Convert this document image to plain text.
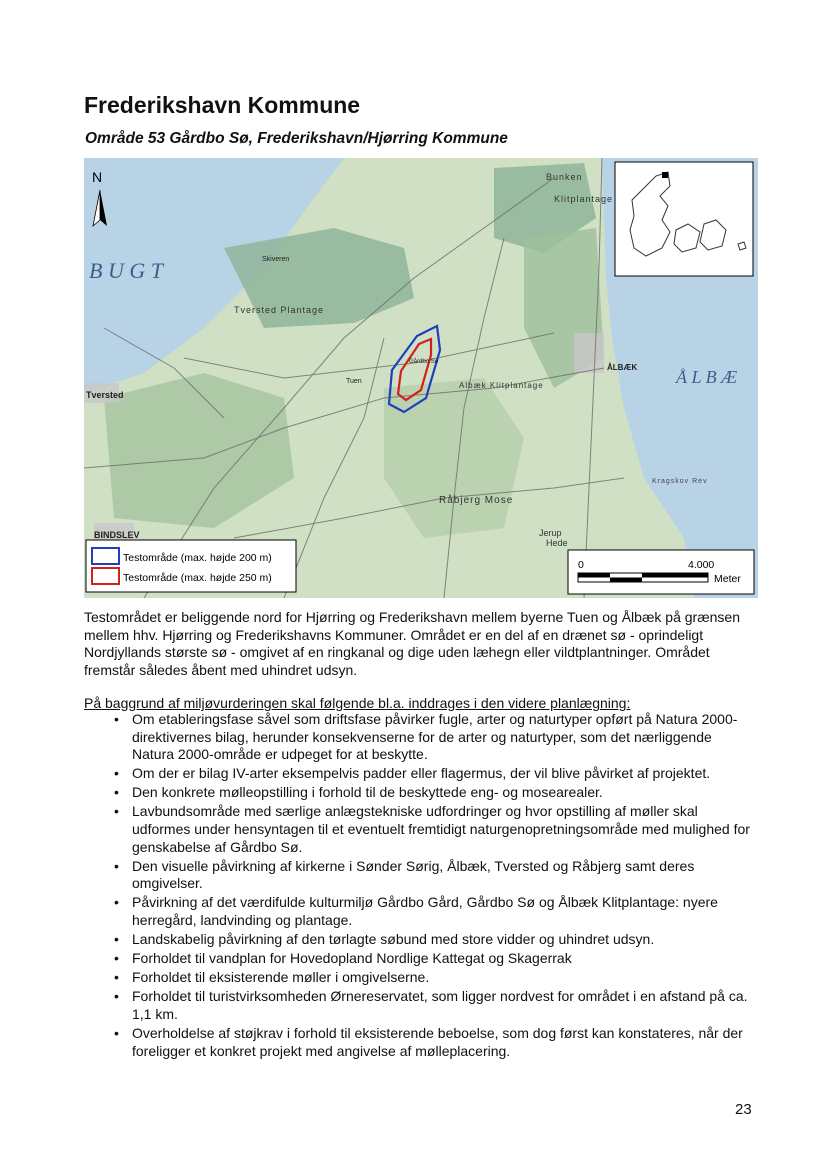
Frederikshavn Kommune
Område 53 Gårdbo Sø, Frederikshavn/Hjørring Kommune
B U G T
Å L B Æ
ÅLBÆK
Tversted
BINDSLEV
Skiveren
Bunken
Klitplantage
Tversted Plantage
Råbjerg Mose
Jerup
Hede
Tuen
Gårdbo Sø
Kragskov Rev
Albæk Klitplantage
N
Testområde (max. højde 200 m)
Testområde (max. højde 250 m)
0	4.000
Meter

Testområdet er beliggende nord for Hjørring og Frederikshavn mellem byerne Tuen og Ålbæk på grænsen mellem hhv. Hjørring og Frederikshavns Kommuner. Området er en del af en drænet sø - oprindeligt Nordjyllands største sø - omgivet af en ringkanal og dige uden læhegn eller vildtplantninger. Området fremstår således åbent med uhindret udsyn.

På baggrund af miljøvurderingen skal følgende bl.a. inddrages i den videre planlægning:

• Om etableringsfase såvel som driftsfase påvirker fugle, arter og naturtyper opført på Natura 2000-direktivernes bilag, herunder konsekvenserne for de arter og naturtyper, som det nærliggende Natura 2000-område er udpeget for at beskytte.
• Om der er bilag IV-arter eksempelvis padder eller flagermus, der vil blive påvirket af projektet.
• Den konkrete mølleopstilling i forhold til de beskyttede eng- og mosearealer.
• Lavbundsområde med særlige anlægstekniske udfordringer og hvor opstilling af møller skal udformes under hensyntagen til et eventuelt fremtidigt naturgenopretningsområde med mulighed for genskabelse af Gårdbo Sø.
• Den visuelle påvirkning af kirkerne i Sønder Sørig, Ålbæk, Tversted og Råbjerg samt deres omgivelser.
• Påvirkning af det værdifulde kulturmiljø Gårdbo Gård, Gårdbo Sø og Ålbæk Klitplantage: nyere herregård, landvinding og plantage.
• Landskabelig påvirkning af den tørlagte søbund med store vidder og uhindret udsyn.
• Forholdet til vandplan for Hovedopland Nordlige Kattegat og Skagerrak
• Forholdet til eksisterende møller i omgivelserne.
• Forholdet til turistvirksomheden Ørnereservatet, som ligger nordvest for området i en afstand på ca. 1,1 km.
• Overholdelse af støjkrav i forhold til eksisterende beboelse, som dog først kan konstateres, når der foreligger et konkret projekt med angivelse af mølleplacering.

23
